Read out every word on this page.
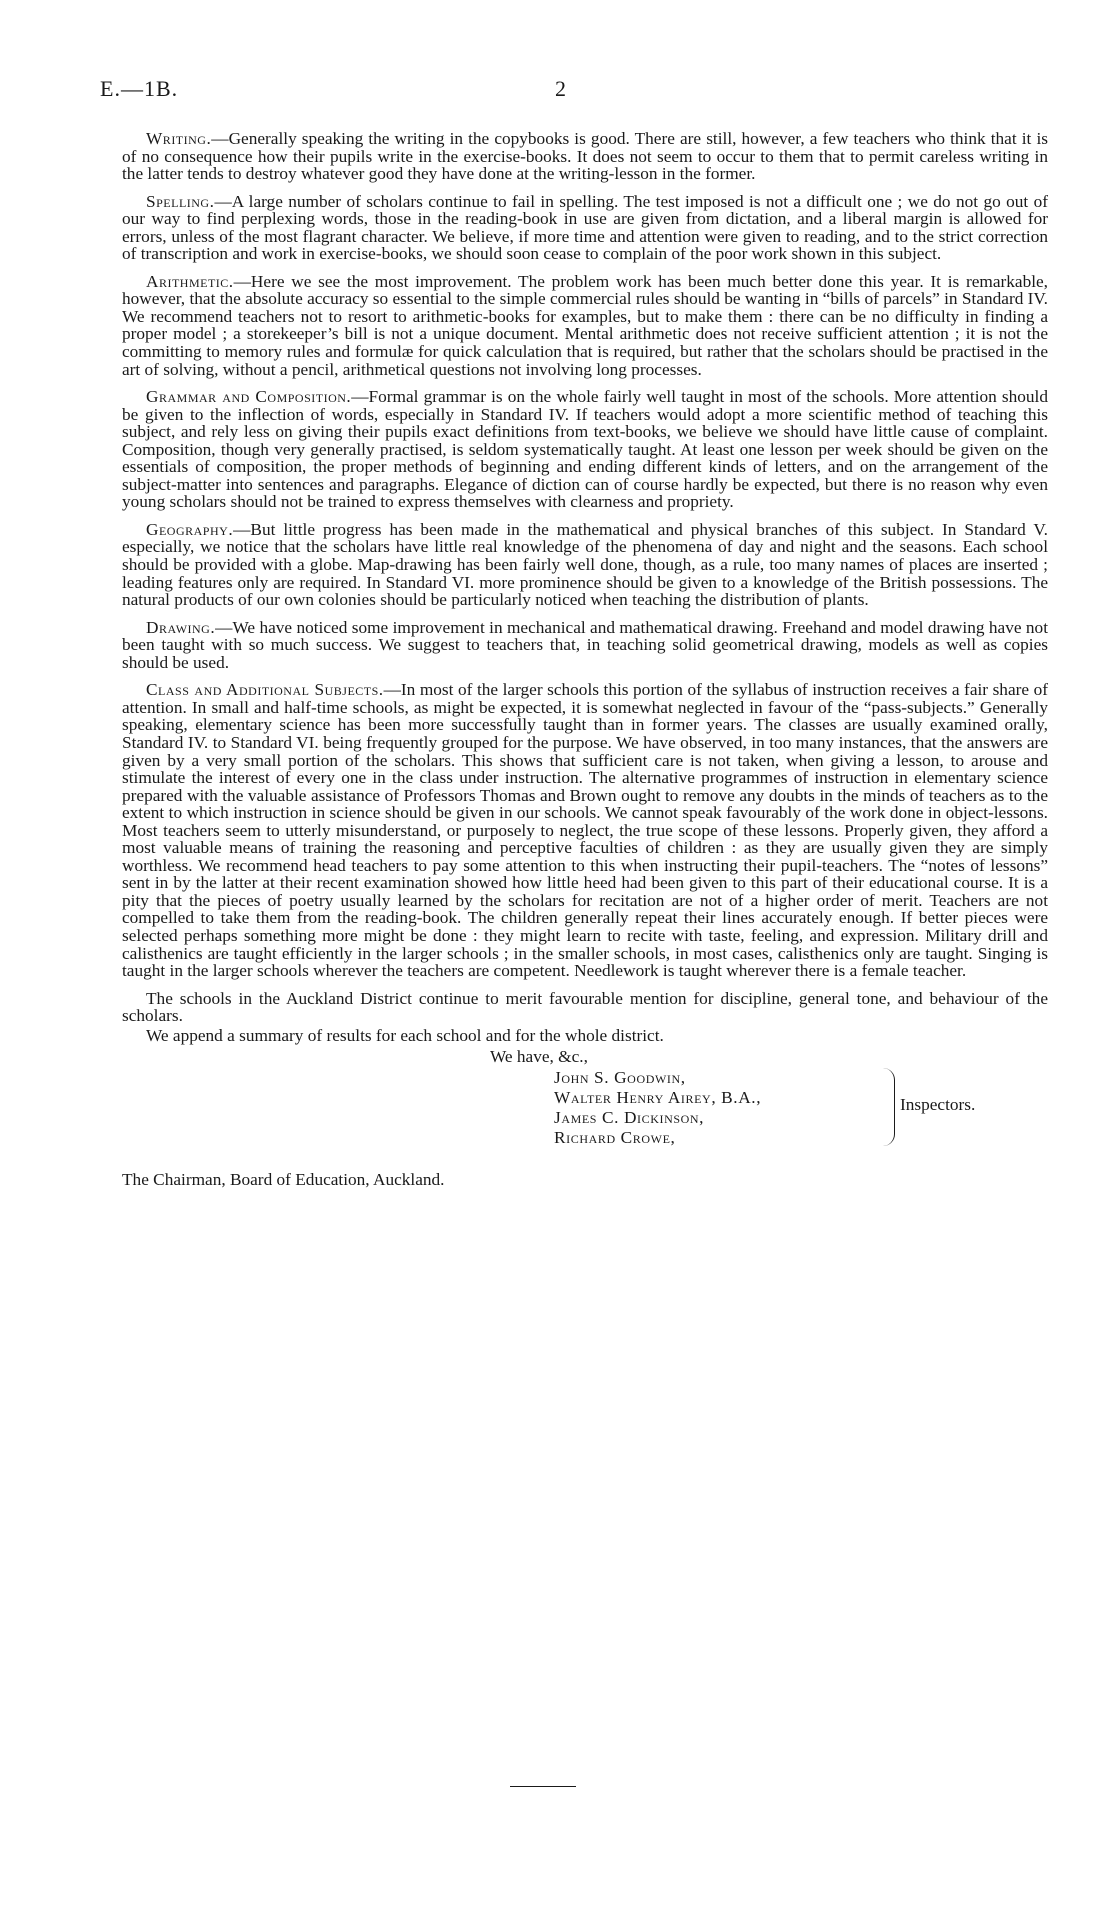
E.—1B.	2

Writing.—Generally speaking the writing in the copybooks is good. There are still, however, a few teachers who think that it is of no consequence how their pupils write in the exercise-books. It does not seem to occur to them that to permit careless writing in the latter tends to destroy whatever good they have done at the writing-lesson in the former.

Spelling.—A large number of scholars continue to fail in spelling. The test imposed is not a difficult one ; we do not go out of our way to find perplexing words, those in the reading-book in use are given from dictation, and a liberal margin is allowed for errors, unless of the most flagrant character. We believe, if more time and attention were given to reading, and to the strict correction of transcription and work in exercise-books, we should soon cease to complain of the poor work shown in this subject.

Arithmetic.—Here we see the most improvement. The problem work has been much better done this year. It is remarkable, however, that the absolute accuracy so essential to the simple commercial rules should be wanting in “bills of parcels” in Standard IV. We recommend teachers not to resort to arithmetic-books for examples, but to make them : there can be no difficulty in finding a proper model ; a storekeeper’s bill is not a unique document. Mental arithmetic does not receive sufficient attention ; it is not the committing to memory rules and formulæ for quick calculation that is required, but rather that the scholars should be practised in the art of solving, without a pencil, arithmetical questions not involving long processes.

Grammar and Composition.—Formal grammar is on the whole fairly well taught in most of the schools. More attention should be given to the inflection of words, especially in Standard IV. If teachers would adopt a more scientific method of teaching this subject, and rely less on giving their pupils exact definitions from text-books, we believe we should have little cause of complaint. Composition, though very generally practised, is seldom systematically taught. At least one lesson per week should be given on the essentials of composition, the proper methods of beginning and ending different kinds of letters, and on the arrangement of the subject-matter into sentences and paragraphs. Elegance of diction can of course hardly be expected, but there is no reason why even young scholars should not be trained to express themselves with clearness and propriety.

Geography.—But little progress has been made in the mathematical and physical branches of this subject. In Standard V. especially, we notice that the scholars have little real knowledge of the phenomena of day and night and the seasons. Each school should be provided with a globe. Map-drawing has been fairly well done, though, as a rule, too many names of places are inserted ; leading features only are required. In Standard VI. more prominence should be given to a knowledge of the British possessions. The natural products of our own colonies should be particularly noticed when teaching the distribution of plants.

Drawing.—We have noticed some improvement in mechanical and mathematical drawing. Freehand and model drawing have not been taught with so much success. We suggest to teachers that, in teaching solid geometrical drawing, models as well as copies should be used.

Class and Additional Subjects.—In most of the larger schools this portion of the syllabus of instruction receives a fair share of attention. In small and half-time schools, as might be expected, it is somewhat neglected in favour of the “pass-subjects.” Generally speaking, elementary science has been more successfully taught than in former years. The classes are usually examined orally, Standard IV. to Standard VI. being frequently grouped for the purpose. We have observed, in too many instances, that the answers are given by a very small portion of the scholars. This shows that sufficient care is not taken, when giving a lesson, to arouse and stimulate the interest of every one in the class under instruction. The alternative programmes of instruction in elementary science prepared with the valuable assistance of Professors Thomas and Brown ought to remove any doubts in the minds of teachers as to the extent to which instruction in science should be given in our schools. We cannot speak favourably of the work done in object-lessons. Most teachers seem to utterly misunderstand, or purposely to neglect, the true scope of these lessons. Properly given, they afford a most valuable means of training the reasoning and perceptive faculties of children : as they are usually given they are simply worthless. We recommend head teachers to pay some attention to this when instructing their pupil-teachers. The “notes of lessons” sent in by the latter at their recent examination showed how little heed had been given to this part of their educational course. It is a pity that the pieces of poetry usually learned by the scholars for recitation are not of a higher order of merit. Teachers are not compelled to take them from the reading-book. The children generally repeat their lines accurately enough. If better pieces were selected perhaps something more might be done : they might learn to recite with taste, feeling, and expression. Military drill and calisthenics are taught efficiently in the larger schools ; in the smaller schools, in most cases, calisthenics only are taught. Singing is taught in the larger schools wherever the teachers are competent. Needlework is taught wherever there is a female teacher.

The schools in the Auckland District continue to merit favourable mention for discipline, general tone, and behaviour of the scholars.

We append a summary of results for each school and for the whole district.

We have, &c.,
John S. Goodwin,
Walter Henry Airey, B.A.,
James C. Dickinson,
Richard Crowe,
Inspectors.
The Chairman, Board of Education, Auckland.
